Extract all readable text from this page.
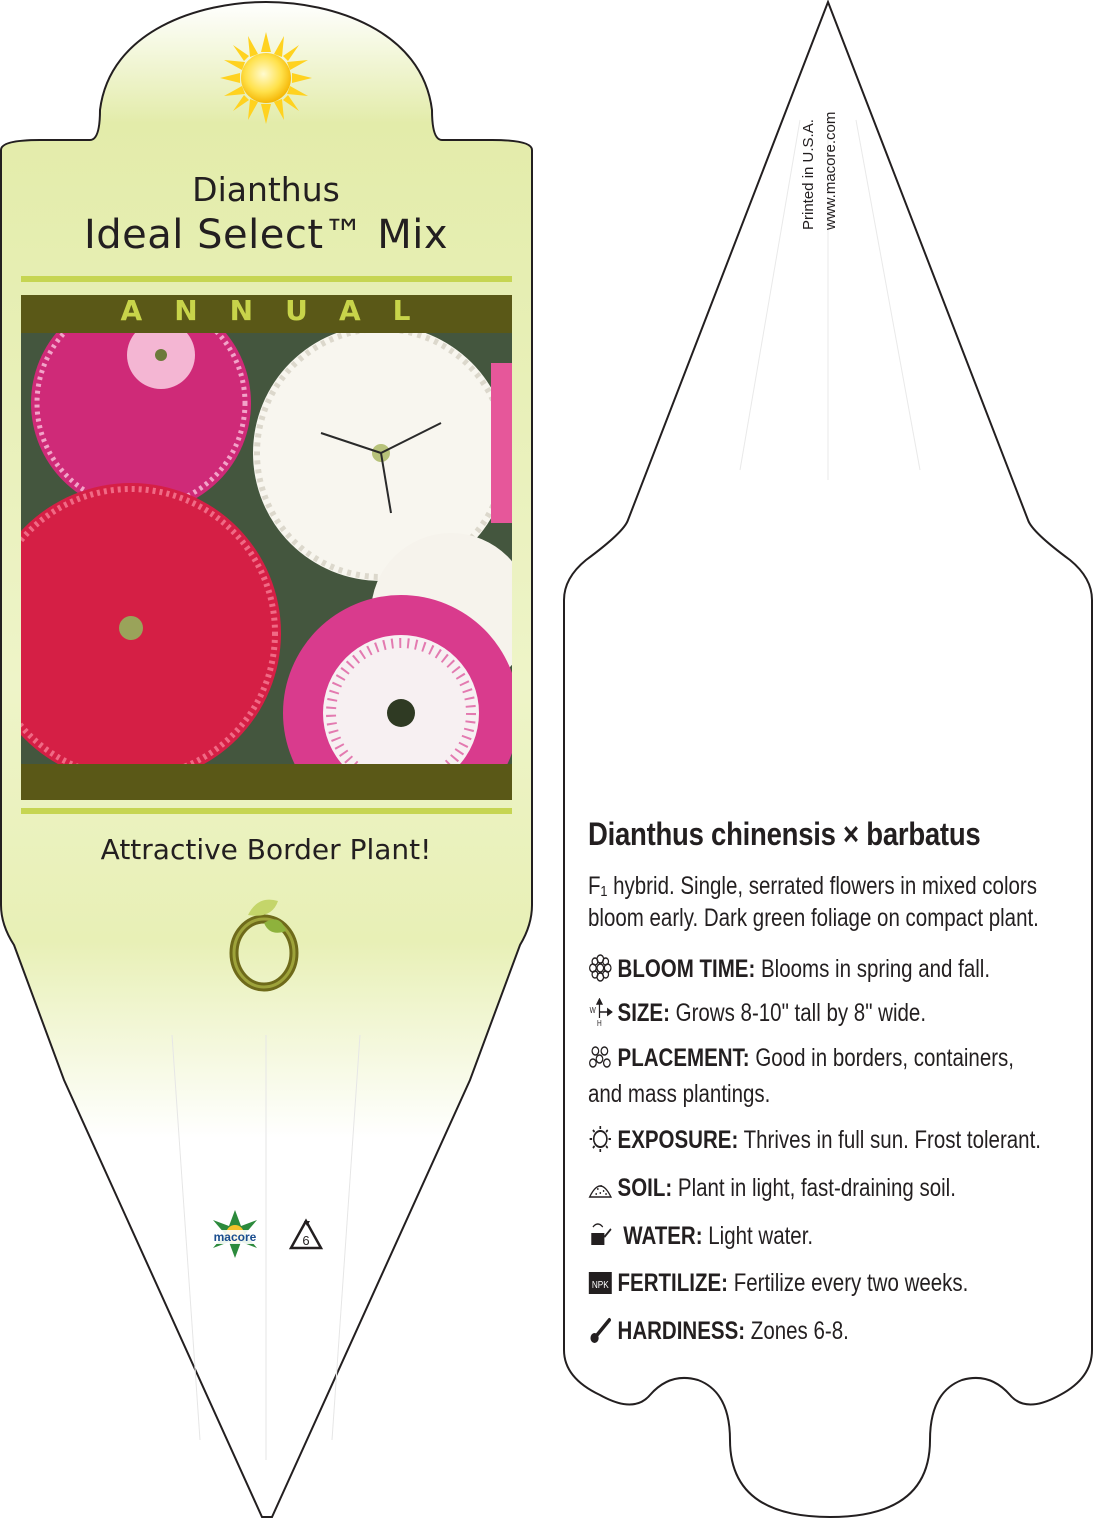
Dianthus
Ideal Select™ Mix
ANNUAL
Attractive Border Plant!
macore	6
Printed in U.S.A. www.macore.com
Dianthus chinensis × barbatus
F₁ hybrid. Single, serrated flowers in mixed colors bloom early. Dark green foliage on compact plant.
BLOOM TIME: Blooms in spring and fall.
W
H SIZE: Grows 8-10" tall by 8" wide.
PLACEMENT: Good in borders, containers, and mass plantings.
EXPOSURE: Thrives in full sun. Frost tolerant.
SOIL: Plant in light, fast-draining soil.
WATER: Light water.
NPK FERTILIZE: Fertilize every two weeks.
HARDINESS: Zones 6-8.
